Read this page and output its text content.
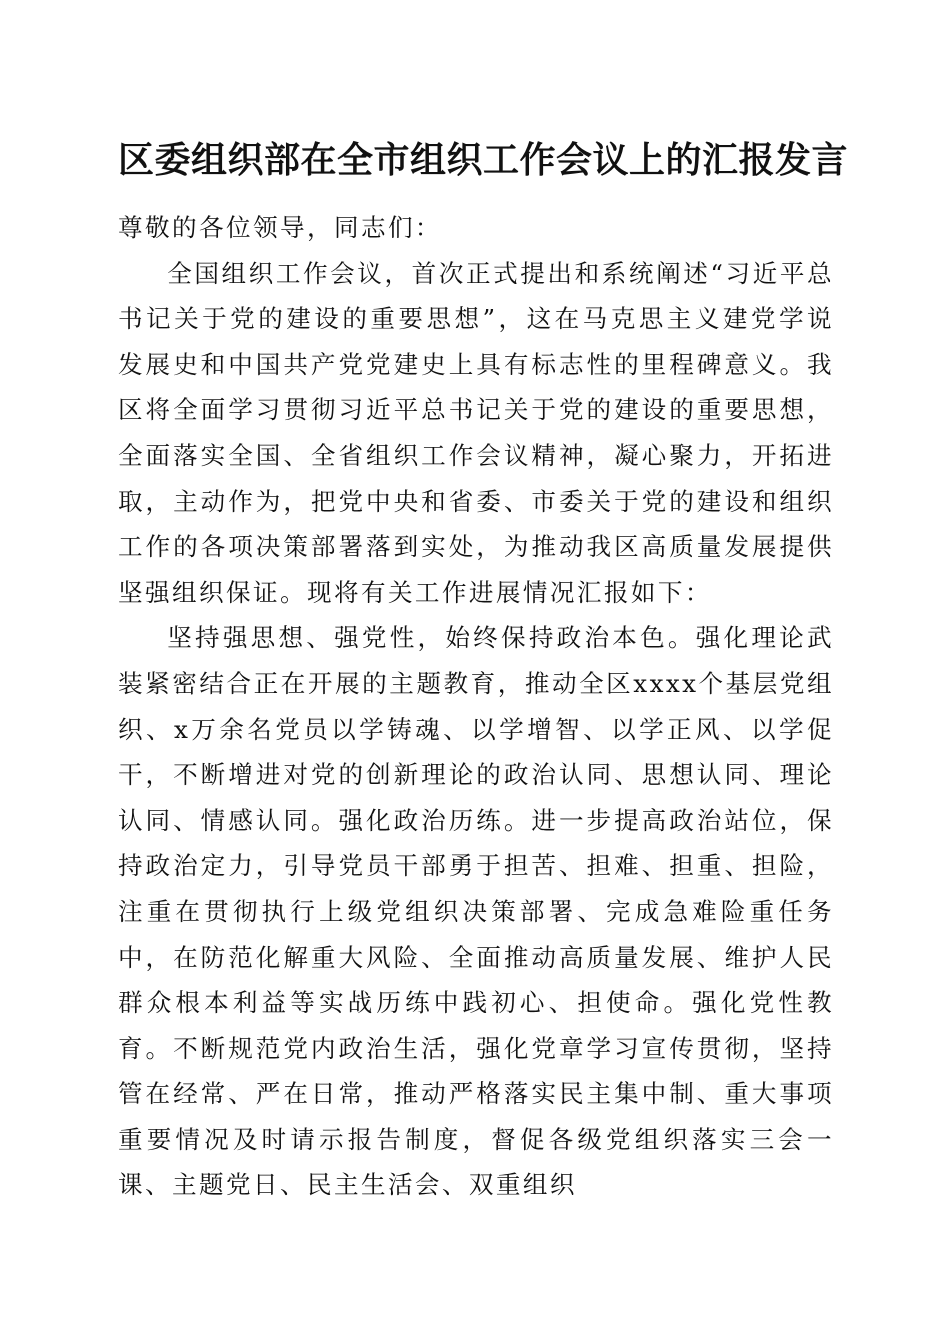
区委组织部在全市组织工作会议上的汇报发言

尊敬的各位领导，同志们：

全国组织工作会议，首次正式提出和系统阐述“习近平总书记关于党的建设的重要思想”，这在马克思主义建党学说发展史和中国共产党党建史上具有标志性的里程碑意义。我区将全面学习贯彻习近平总书记关于党的建设的重要思想，全面落实全国、全省组织工作会议精神，凝心聚力，开拓进取，主动作为，把党中央和省委、市委关于党的建设和组织工作的各项决策部署落到实处，为推动我区高质量发展提供坚强组织保证。现将有关工作进展情况汇报如下：

坚持强思想、强党性，始终保持政治本色。强化理论武装紧密结合正在开展的主题教育，推动全区xxxx个基层党组织、x万余名党员以学铸魂、以学增智、以学正风、以学促干，不断增进对党的创新理论的政治认同、思想认同、理论认同、情感认同。强化政治历练。进一步提高政治站位，保持政治定力，引导党员干部勇于担苦、担难、担重、担险，注重在贯彻执行上级党组织决策部署、完成急难险重任务中，在防范化解重大风险、全面推动高质量发展、维护人民群众根本利益等实战历练中践初心、担使命。强化党性教育。不断规范党内政治生活，强化党章学习宣传贯彻，坚持管在经常、严在日常，推动严格落实民主集中制、重大事项重要情况及时请示报告制度，督促各级党组织落实三会一课、主题党日、民主生活会、双重组织
